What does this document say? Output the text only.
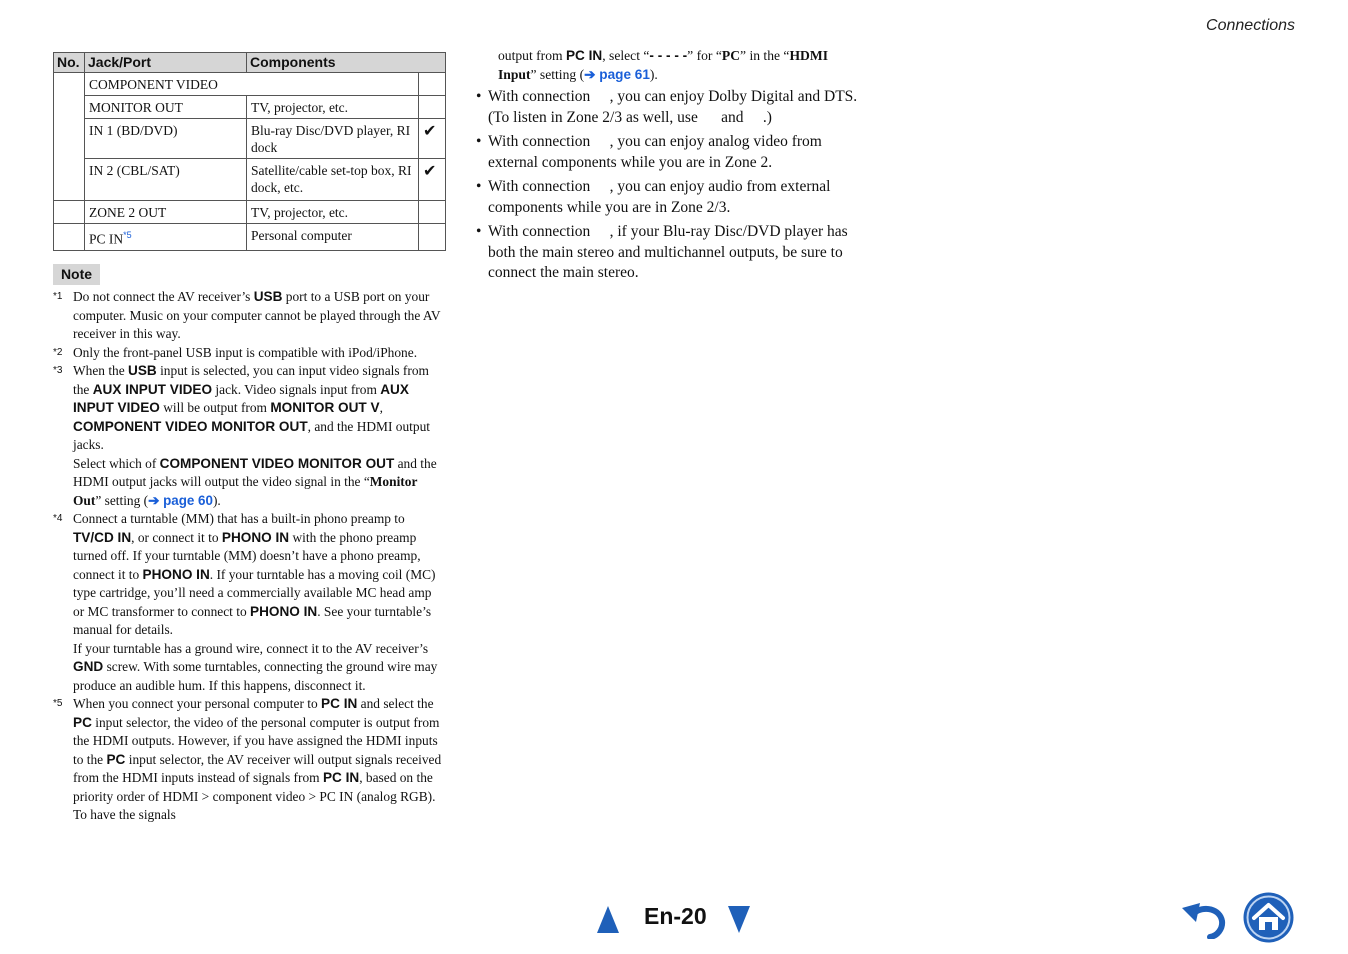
Connections
No.	Jack/Port	Components	
	COMPONENT VIDEO		
	MONITOR OUT	TV, projector, etc.	
	IN 1 (BD/DVD)	Blu-ray Disc/DVD player, RI dock	✔
	IN 2 (CBL/SAT)	Satellite/cable set-top box, RI dock, etc.	✔
	ZONE 2 OUT	TV, projector, etc.	
	PC IN$^{*5}$	Personal computer	
Note
*1 Do not connect the AV receiver’s USB port to a USB port on your computer. Music on your computer cannot be played through the AV receiver in this way.
*2 Only the front-panel USB input is compatible with iPod/iPhone.
*3 When the USB input is selected, you can input video signals from the AUX INPUT VIDEO jack. Video signals input from AUX INPUT VIDEO will be output from MONITOR OUT V, COMPONENT VIDEO MONITOR OUT, and the HDMI output jacks.
Select which of COMPONENT VIDEO MONITOR OUT and the HDMI output jacks will output the video signal in the “Monitor Out” setting (➔ page 60).
*4 Connect a turntable (MM) that has a built-in phono preamp to TV/CD IN, or connect it to PHONO IN with the phono preamp turned off. If your turntable (MM) doesn’t have a phono preamp, connect it to PHONO IN. If your turntable has a moving coil (MC) type cartridge, you’ll need a commercially available MC head amp or MC transformer to connect to PHONO IN. See your turntable’s manual for details.
If your turntable has a ground wire, connect it to the AV receiver’s GND screw. With some turntables, connecting the ground wire may produce an audible hum. If this happens, disconnect it.
*5 When you connect your personal computer to PC IN and select the PC input selector, the video of the personal computer is output from the HDMI outputs. However, if you have assigned the HDMI inputs to the PC input selector, the AV receiver will output signals received from the HDMI inputs instead of signals from PC IN, based on the priority order of HDMI > component video > PC IN (analog RGB). To have the signals
output from PC IN, select “- - - - -” for “PC” in the “HDMI Input” setting (➔ page 61).
• With connection     , you can enjoy Dolby Digital and DTS. (To listen in Zone 2/3 as well, use      and     .)
• With connection     , you can enjoy analog video from external components while you are in Zone 2.
• With connection     , you can enjoy audio from external components while you are in Zone 2/3.
• With connection     , if your Blu-ray Disc/DVD player has both the main stereo and multichannel outputs, be sure to connect the main stereo.
En-20
